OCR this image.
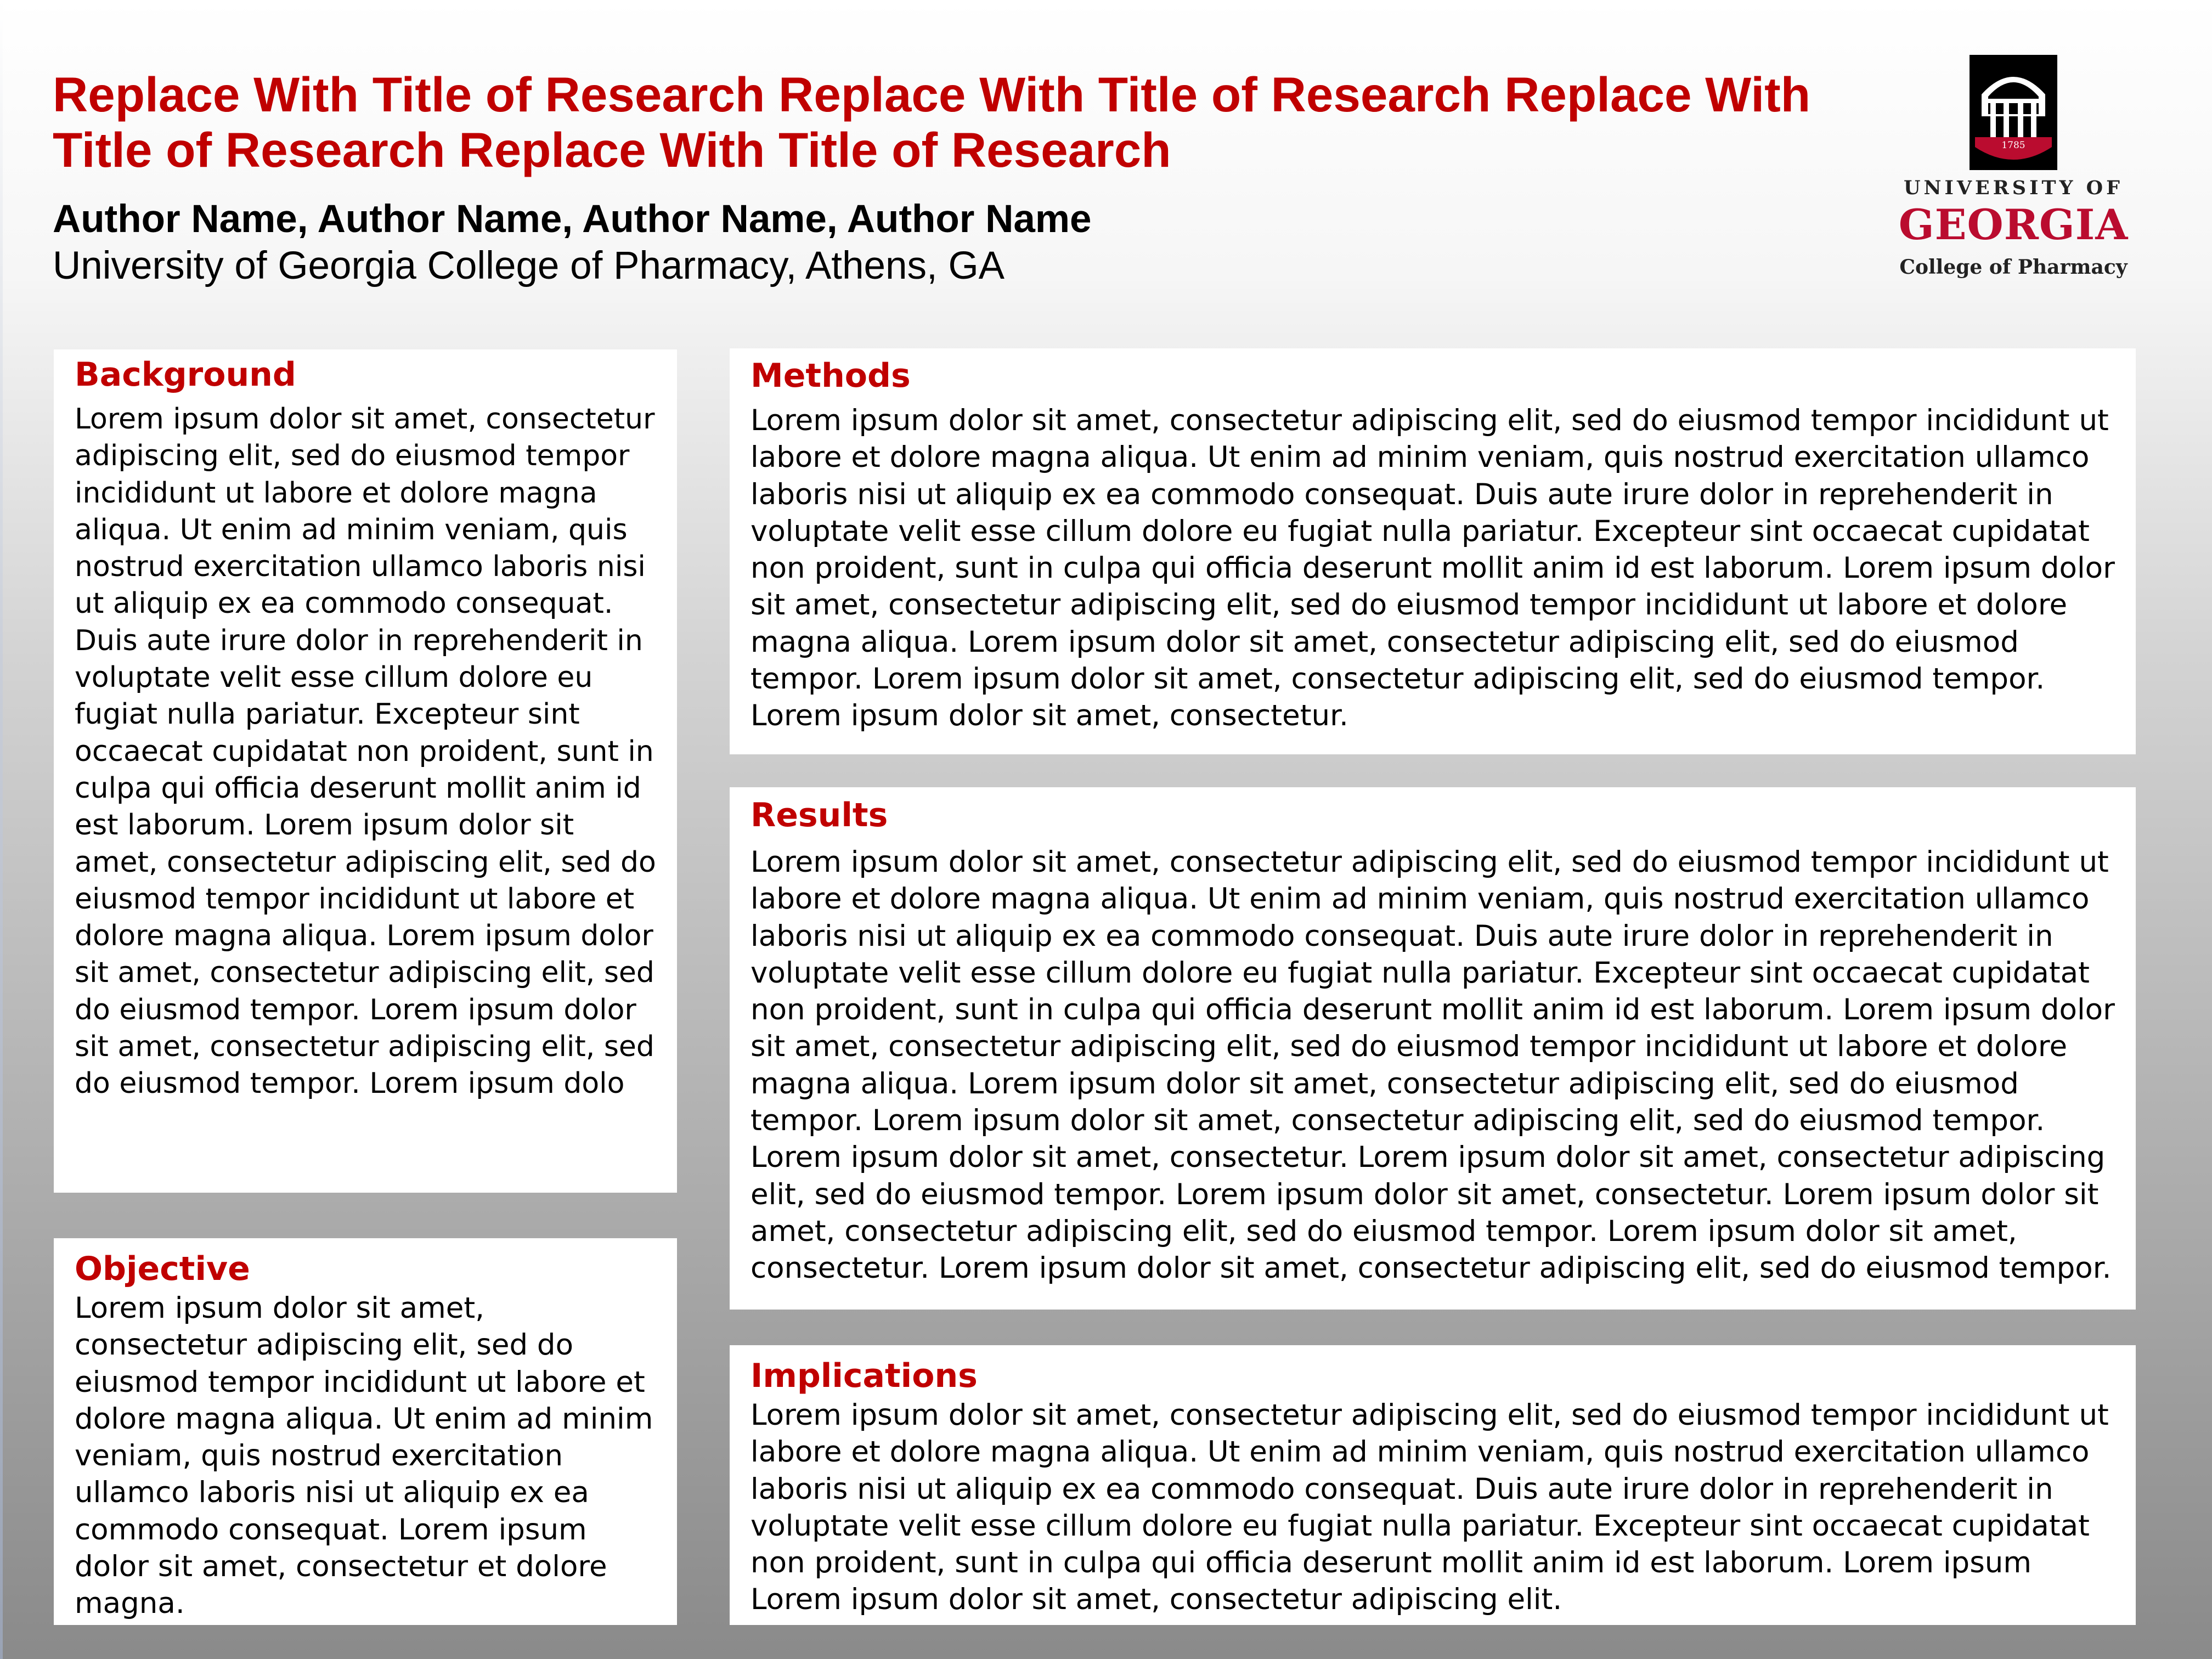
Replace With Title of Research Replace With Title of Research Replace With Title of Research Replace With Title of Research
Author Name, Author Name, Author Name, Author Name
University of Georgia College of Pharmacy, Athens, GA
1785
UNIVERSITY OF
GEORGIA
College of Pharmacy
Background

Lorem ipsum dolor sit amet, consectetur adipiscing elit, sed do eiusmod tempor incididunt ut labore et dolore magna aliqua. Ut enim ad minim veniam, quis nostrud exercitation ullamco laboris nisi ut aliquip ex ea commodo consequat. Duis aute irure dolor in reprehenderit in voluptate velit esse cillum dolore eu fugiat nulla pariatur. Excepteur sint occaecat cupidatat non proident, sunt in culpa qui officia deserunt mollit anim id est laborum. Lorem ipsum dolor sit amet, consectetur adipiscing elit, sed do eiusmod tempor incididunt ut labore et dolore magna aliqua. Lorem ipsum dolor sit amet, consectetur adipiscing elit, sed do eiusmod tempor. Lorem ipsum dolor sit amet, consectetur adipiscing elit, sed do eiusmod tempor. Lorem ipsum dolo

Objective

Lorem ipsum dolor sit amet, consectetur adipiscing elit, sed do eiusmod tempor incididunt ut labore et dolore magna aliqua. Ut enim ad minim veniam, quis nostrud exercitation ullamco laboris nisi ut aliquip ex ea commodo consequat. Lorem ipsum dolor sit amet, consectetur et dolore magna.

Methods

Lorem ipsum dolor sit amet, consectetur adipiscing elit, sed do eiusmod tempor incididunt ut labore et dolore magna aliqua. Ut enim ad minim veniam, quis nostrud exercitation ullamco laboris nisi ut aliquip ex ea commodo consequat. Duis aute irure dolor in reprehenderit in voluptate velit esse cillum dolore eu fugiat nulla pariatur. Excepteur sint occaecat cupidatat non proident, sunt in culpa qui officia deserunt mollit anim id est laborum. Lorem ipsum dolor sit amet, consectetur adipiscing elit, sed do eiusmod tempor incididunt ut labore et dolore magna aliqua. Lorem ipsum dolor sit amet, consectetur adipiscing elit, sed do eiusmod tempor. Lorem ipsum dolor sit amet, consectetur adipiscing elit, sed do eiusmod tempor. Lorem ipsum dolor sit amet, consectetur.

Results

Lorem ipsum dolor sit amet, consectetur adipiscing elit, sed do eiusmod tempor incididunt ut labore et dolore magna aliqua. Ut enim ad minim veniam, quis nostrud exercitation ullamco laboris nisi ut aliquip ex ea commodo consequat. Duis aute irure dolor in reprehenderit in voluptate velit esse cillum dolore eu fugiat nulla pariatur. Excepteur sint occaecat cupidatat non proident, sunt in culpa qui officia deserunt mollit anim id est laborum. Lorem ipsum dolor sit amet, consectetur adipiscing elit, sed do eiusmod tempor incididunt ut labore et dolore magna aliqua. Lorem ipsum dolor sit amet, consectetur adipiscing elit, sed do eiusmod tempor. Lorem ipsum dolor sit amet, consectetur adipiscing elit, sed do eiusmod tempor. Lorem ipsum dolor sit amet, consectetur. Lorem ipsum dolor sit amet, consectetur adipiscing elit, sed do eiusmod tempor. Lorem ipsum dolor sit amet, consectetur. Lorem ipsum dolor sit amet, consectetur adipiscing elit, sed do eiusmod tempor. Lorem ipsum dolor sit amet, consectetur. Lorem ipsum dolor sit amet, consectetur adipiscing elit, sed do eiusmod tempor.

Implications

Lorem ipsum dolor sit amet, consectetur adipiscing elit, sed do eiusmod tempor incididunt ut labore et dolore magna aliqua. Ut enim ad minim veniam, quis nostrud exercitation ullamco laboris nisi ut aliquip ex ea commodo consequat. Duis aute irure dolor in reprehenderit in voluptate velit esse cillum dolore eu fugiat nulla pariatur. Excepteur sint occaecat cupidatat non proident, sunt in culpa qui officia deserunt mollit anim id est laborum. Lorem ipsum Lorem ipsum dolor sit amet, consectetur adipiscing elit.
